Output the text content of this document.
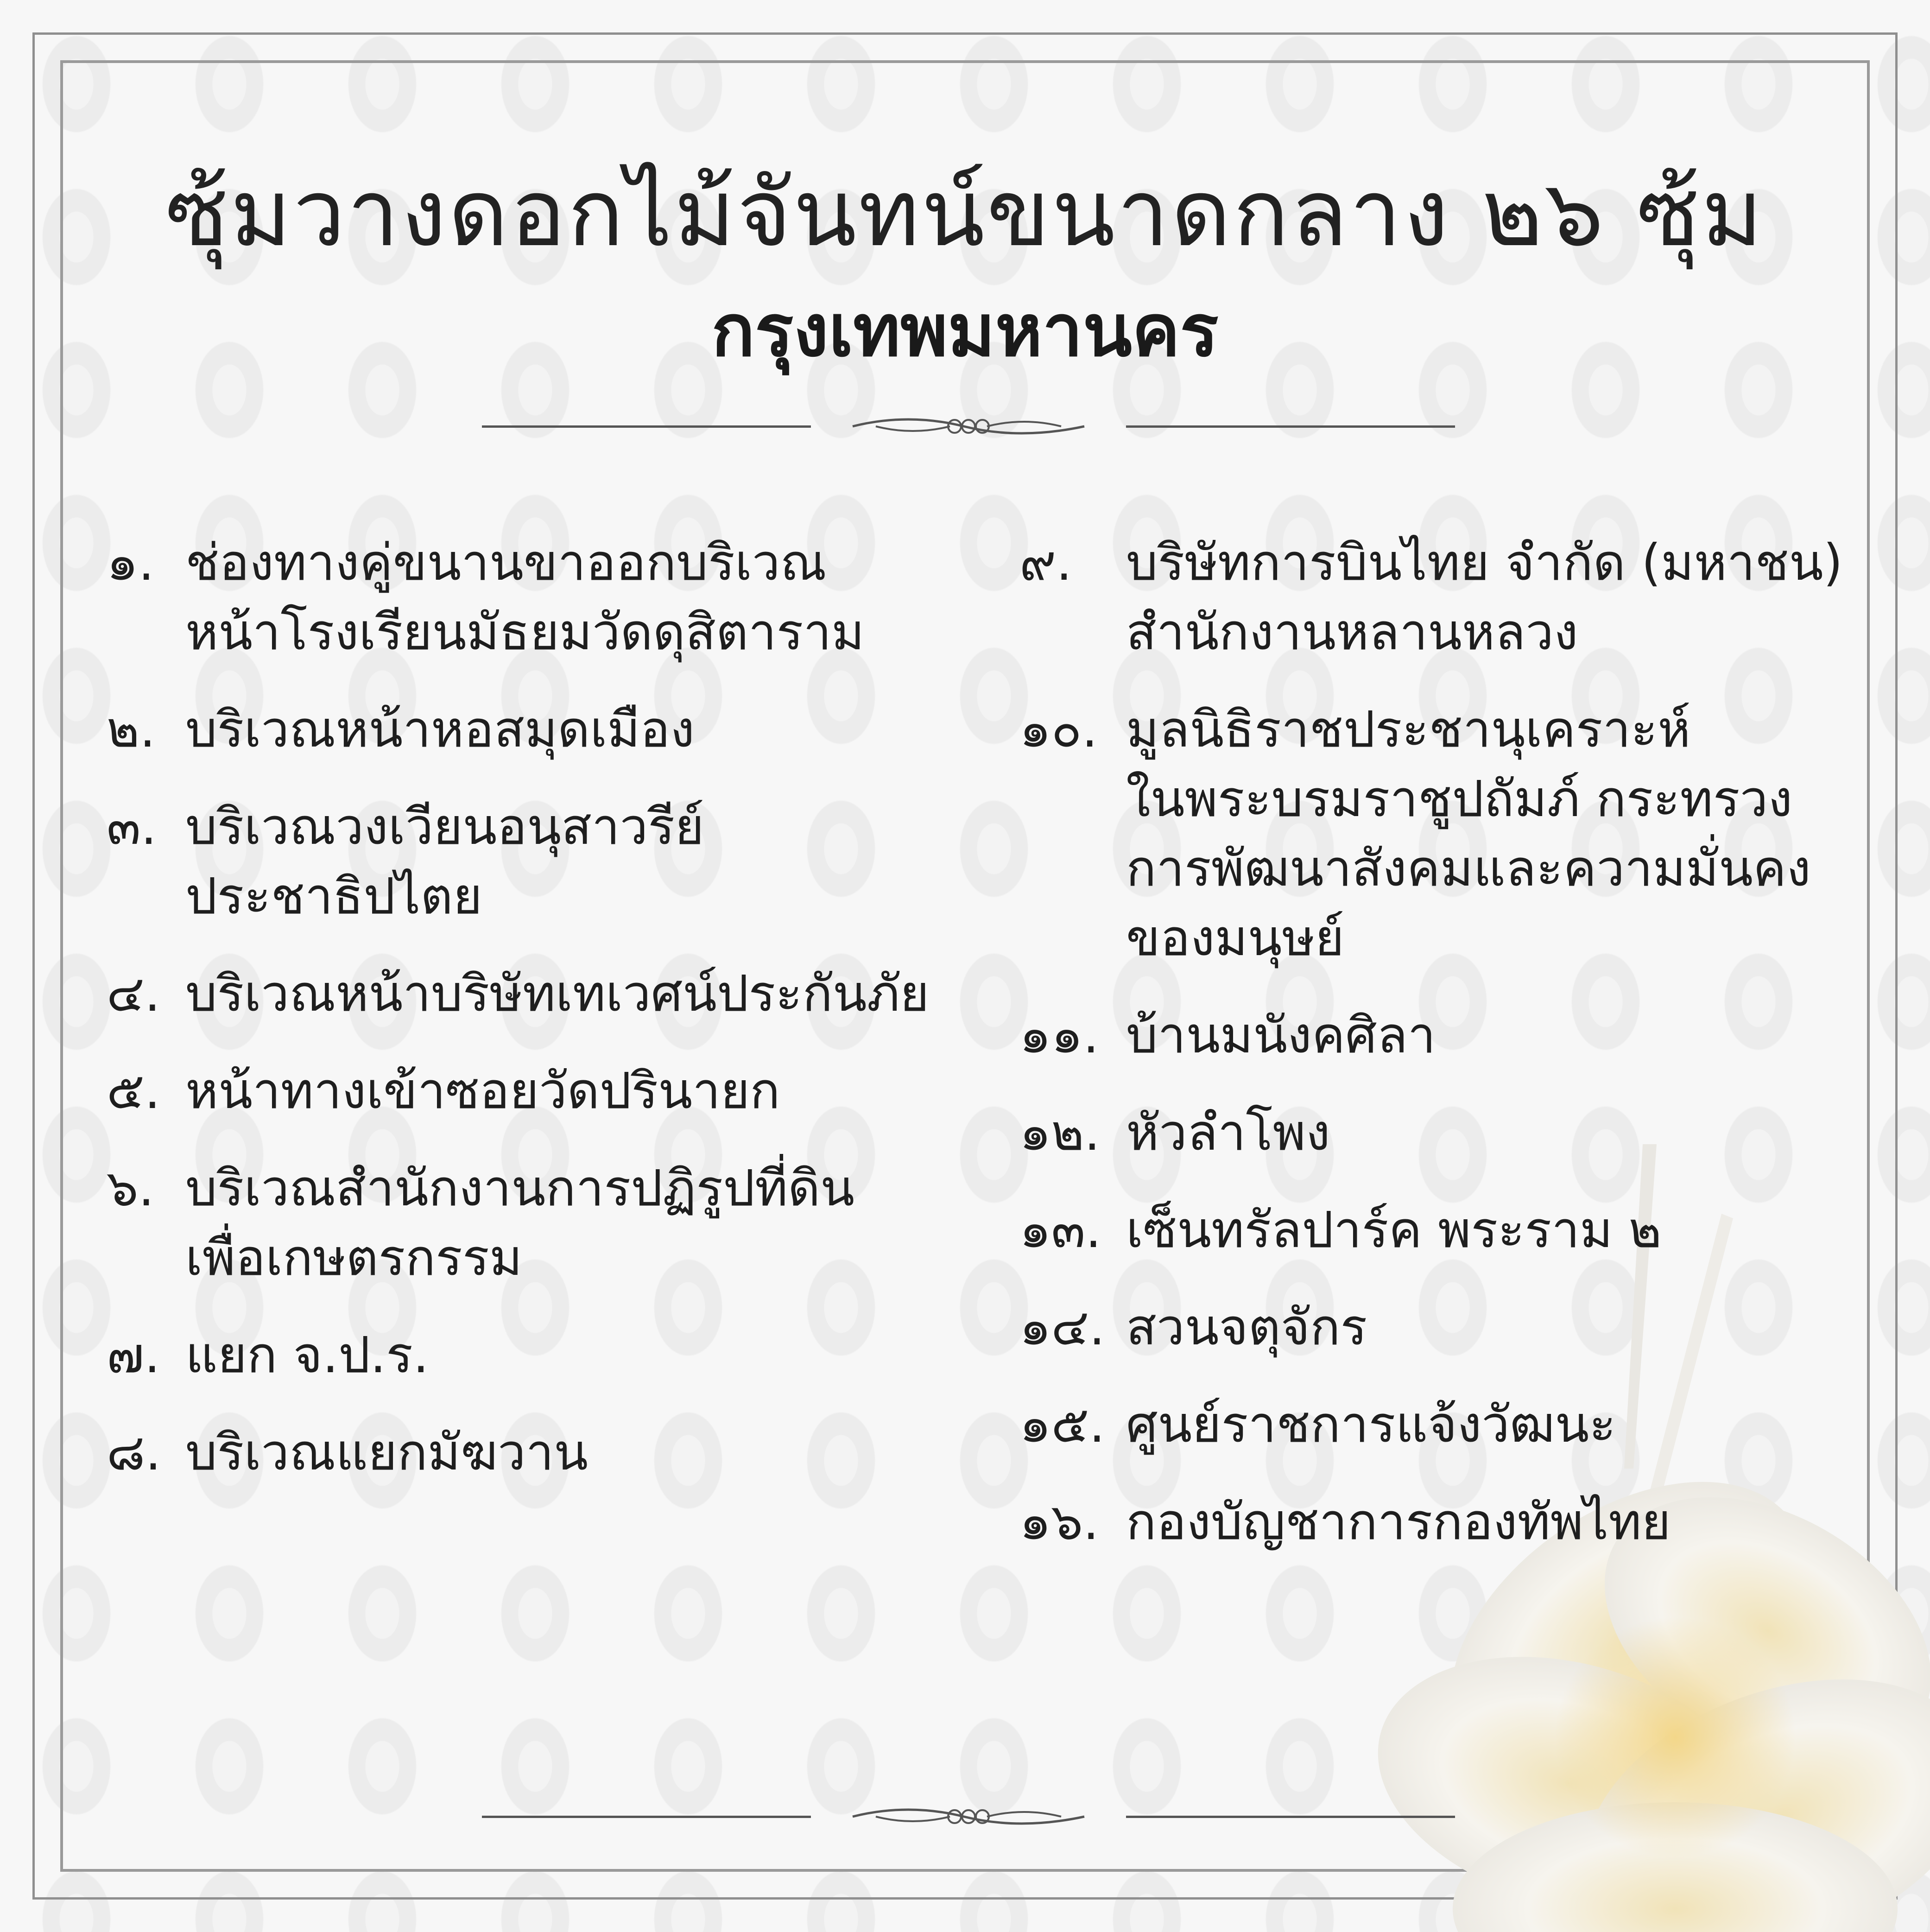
ซุ้มวางดอกไม้จันทน์ขนาดกลาง ๒๖ ซุ้ม
กรุงเทพมหานคร
๑. ช่องทางคู่ขนานขาออกบริเวณ
หน้าโรงเรียนมัธยมวัดดุสิตาราม
๒. บริเวณหน้าหอสมุดเมือง
๓. บริเวณวงเวียนอนุสาวรีย์
ประชาธิปไตย
๔. บริเวณหน้าบริษัทเทเวศน์ประกันภัย
๕. หน้าทางเข้าซอยวัดปรินายก
๖. บริเวณสำนักงานการปฏิรูปที่ดิน
เพื่อเกษตรกรรม
๗. แยก จ.ป.ร.
๘. บริเวณแยกมัฆวาน
๙.	บริษัทการบินไทย จำกัด (มหาชน)
สำนักงานหลานหลวง
๑๐. มูลนิธิราชประชานุเคราะห์
ในพระบรมราชูปถัมภ์ กระทรวง
การพัฒนาสังคมและความมั่นคง
ของมนุษย์
๑๑. บ้านมนังคศิลา
๑๒. หัวลำโพง
๑๓. เซ็นทรัลปาร์ค พระราม ๒
๑๔. สวนจตุจักร
๑๕. ศูนย์ราชการแจ้งวัฒนะ
๑๖. กองบัญชาการกองทัพไทย
